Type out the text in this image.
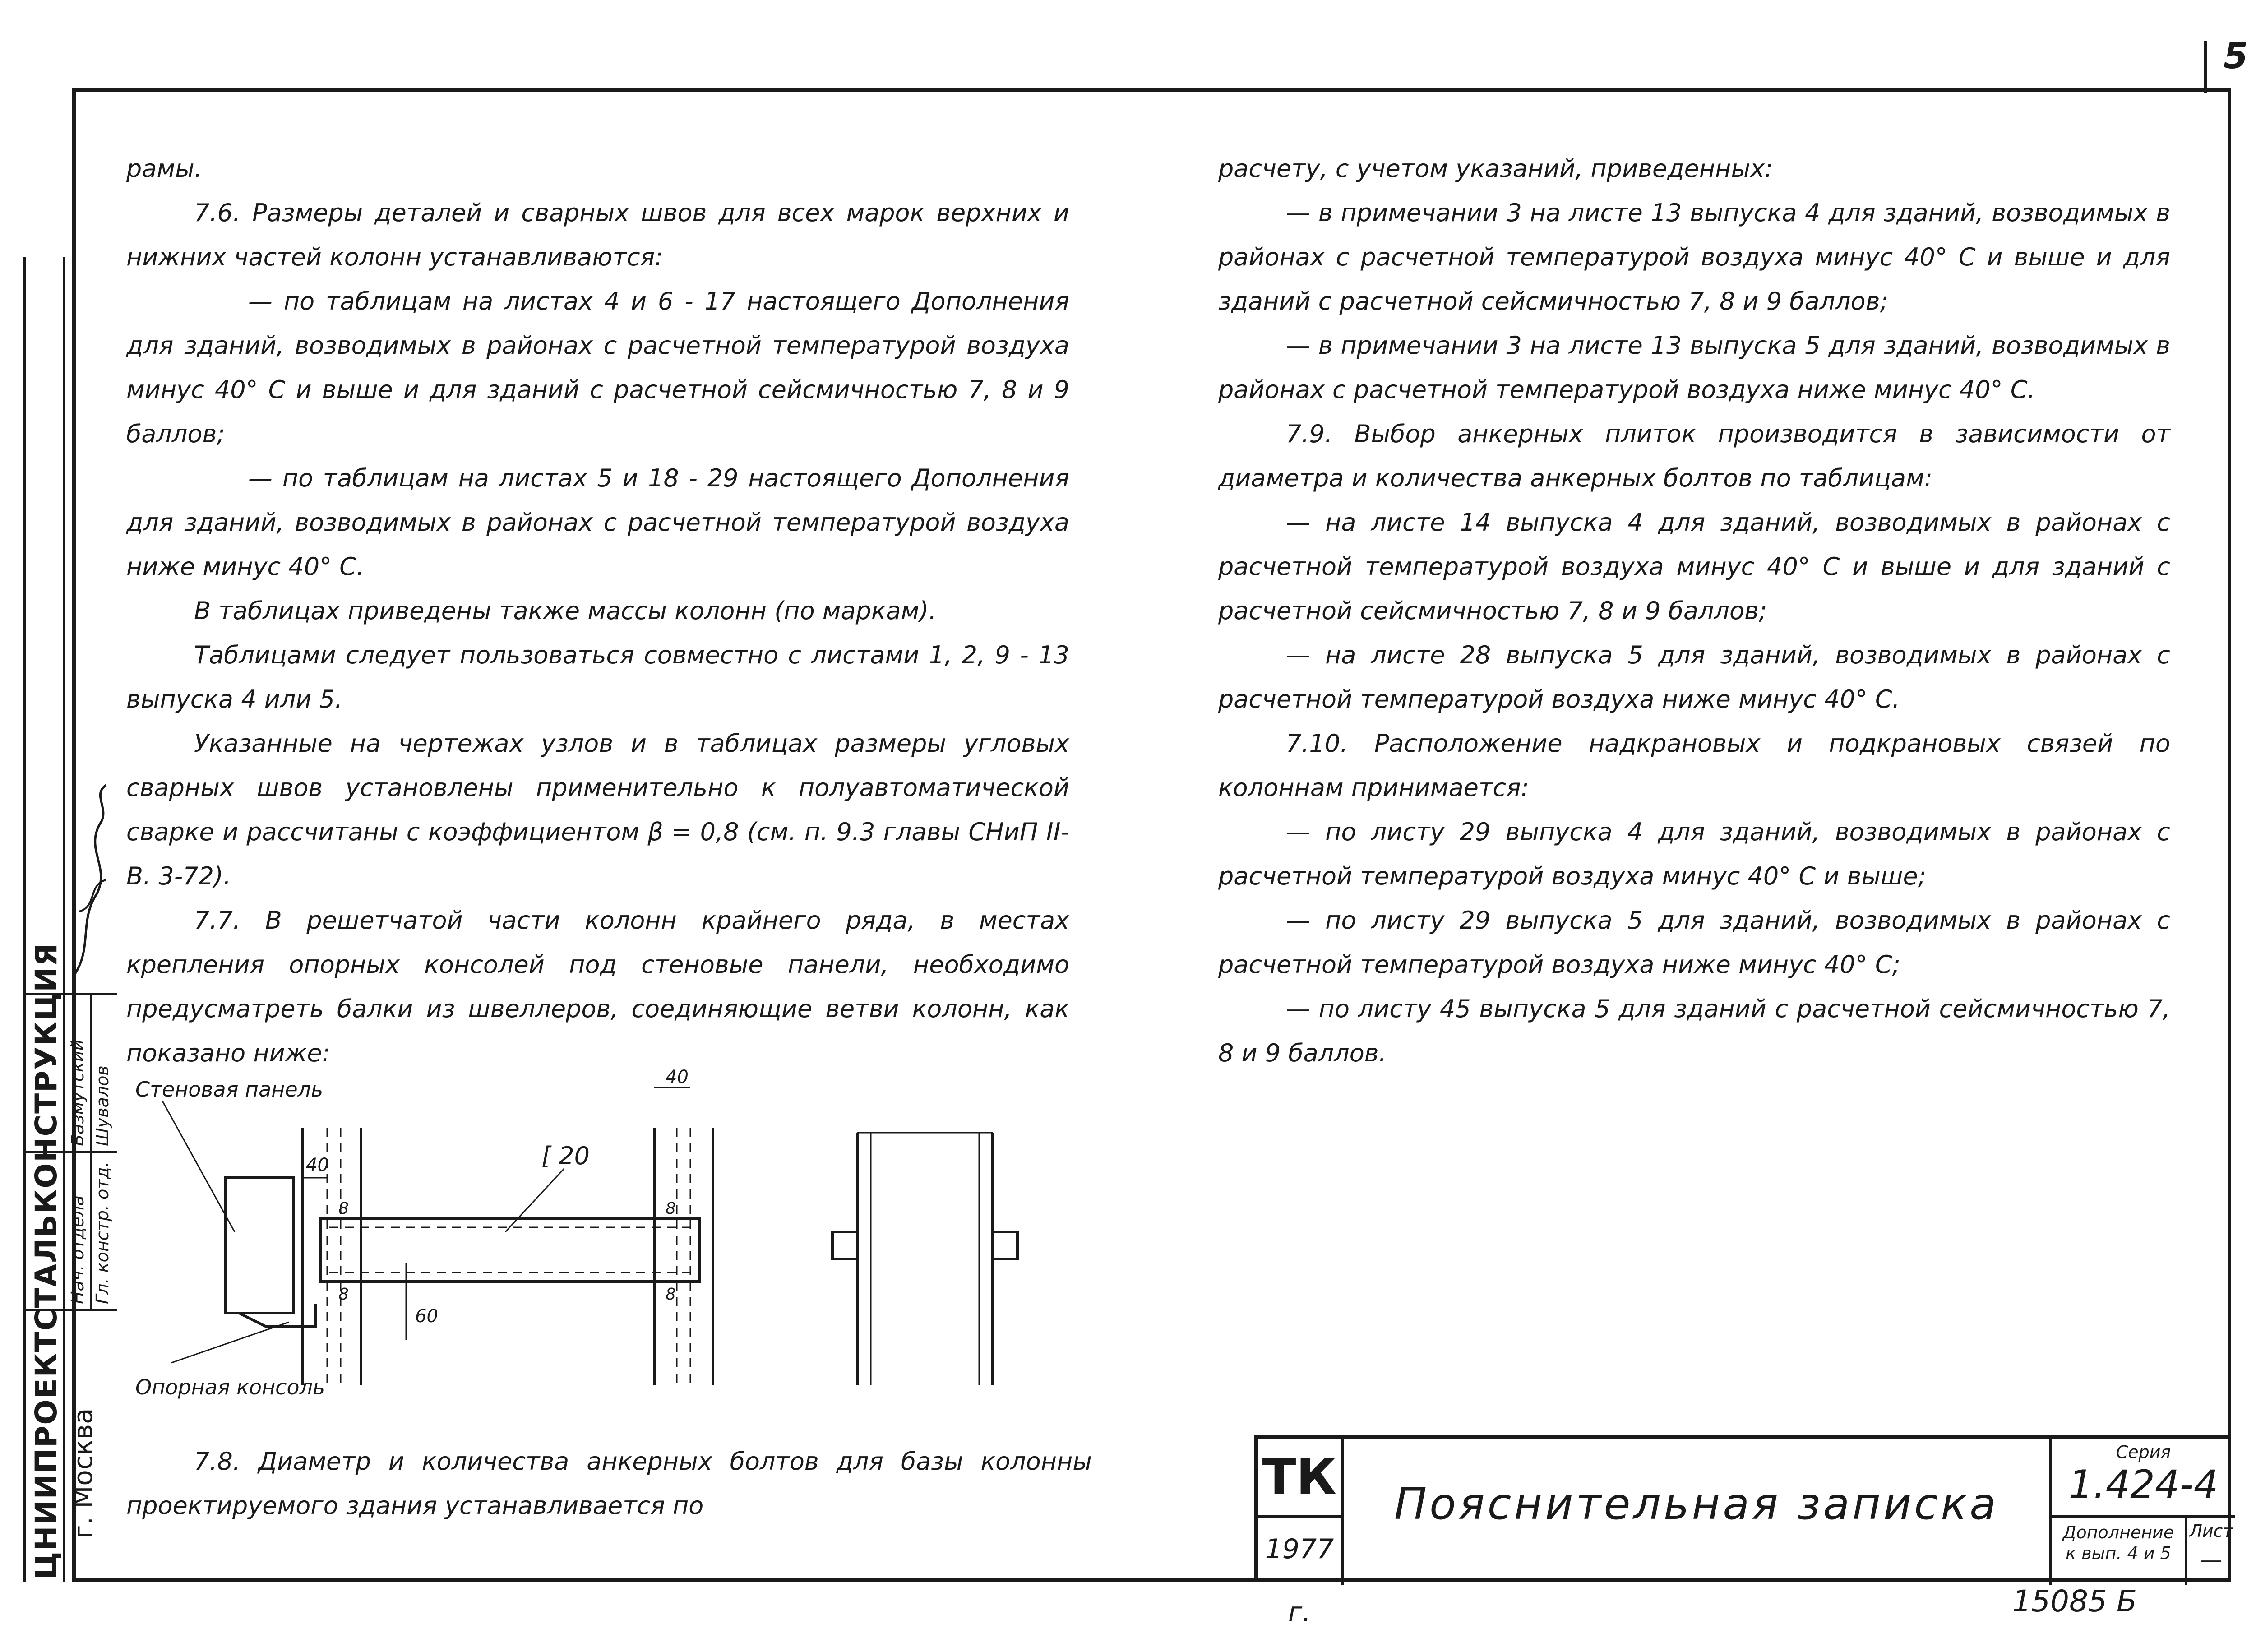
5

рамы.

7.6. Размеры деталей и сварных швов для всех марок верхних и нижних частей колонн устанавливаются:

— по таблицам на листах 4 и 6 - 17 настоящего Дополнения для зданий, возводимых в районах с расчетной температурой воздуха минус 40° С и выше и для зданий с расчетной сейсмичностью 7, 8 и 9 баллов;

— по таблицам на листах 5 и 18 - 29 настоящего Дополнения для зданий, возводимых в районах с расчетной температурой воздуха ниже минус 40° С.

В таблицах приведены также массы колонн (по маркам).

Таблицами следует пользоваться совместно с листами 1, 2, 9 - 13 выпуска 4 или 5.

Указанные на чертежах узлов и в таблицах размеры угловых сварных швов установлены применительно к полуавтоматической сварке и рассчитаны с коэффициентом β = 0,8 (см. п. 9.3 главы СНиП II-В. 3-72).

7.7. В решетчатой части колонн крайнего ряда, в местах крепления опорных консолей под стеновые панели, необходимо предусматреть балки из швеллеров, соединяющие ветви колонн, как показано ниже:

7.8. Диаметр и количества анкерных болтов для базы колонны проектируемого здания устанавливается по

Стеновая панель
Опорная консоль
[ 20
40
40
60
8	8
8	8

расчету, с учетом указаний, приведенных:

— в примечании 3 на листе 13 выпуска 4 для зданий, возводимых в районах с расчетной температурой воздуха минус 40° С и выше и для зданий с расчетной сейсмичностью 7, 8 и 9 баллов;

— в примечании 3 на листе 13 выпуска 5 для зданий, возводимых в районах с расчетной температурой воздуха ниже минус 40° С.

7.9. Выбор анкерных плиток производится в зависимости от диаметра и количества анкерных болтов по таблицам:

— на листе 14 выпуска 4 для зданий, возводимых в районах с расчетной температурой воздуха минус 40° С и выше и для зданий с расчетной сейсмичностью 7, 8 и 9 баллов;

— на листе 28 выпуска 5 для зданий, возводимых в районах с расчетной температурой воздуха ниже минус 40° С.

7.10. Расположение надкрановых и подкрановых связей по колоннам принимается:

— по листу 29 выпуска 4 для зданий, возводимых в районах с расчетной температурой воздуха минус 40° С и выше;

— по листу 29 выпуска 5 для зданий, возводимых в районах с расчетной температурой воздуха ниже минус 40° С;

— по листу 45 выпуска 5 для зданий с расчетной сейсмичностью 7, 8 и 9 баллов.

ЦНИИПРОЕКТСТАЛЬКОНСТРУКЦИЯ г. Москва
Нач. отдела Гл. констр. отд.
Базмутский Шувалов
ТК
1977 г.
Пояснительная записка
Серия
1.424-4
Дополнение к вып. 4 и 5
Лист
—
15085 Б
